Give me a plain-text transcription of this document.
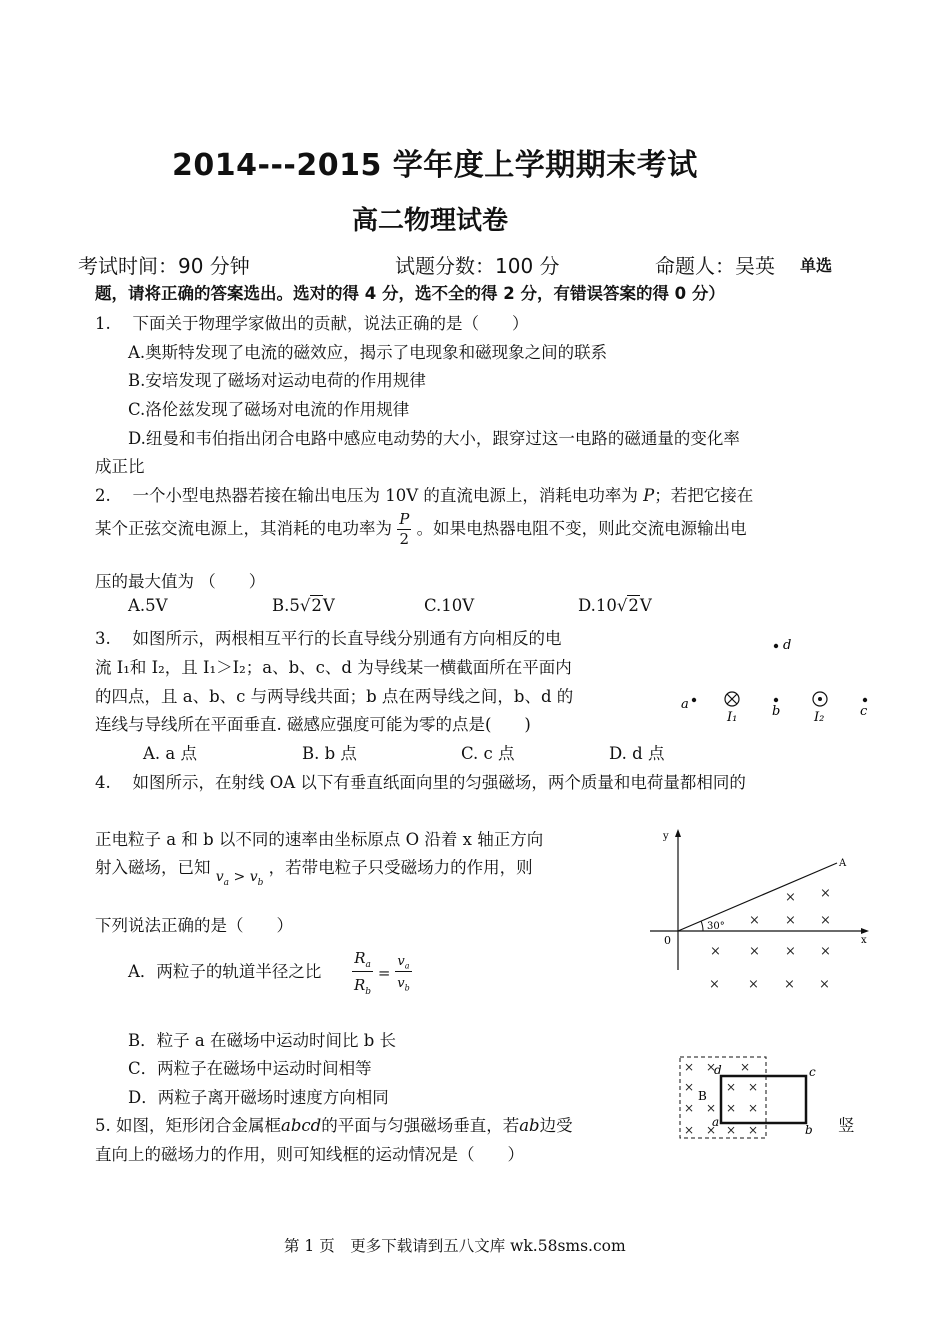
2014---2015 学年度上学期期末考试
高二物理试卷
考试时间：90 分钟	试题分数：100 分	命题人：吴英 单选
题，请将正确的答案选出。选对的得 4 分，选不全的得 2 分，有错误答案的得 0 分）
1.　 下面关于物理学家做出的贡献，说法正确的是（　　）
A.奥斯特发现了电流的磁效应，揭示了电现象和磁现象之间的联系
B.安培发现了磁场对运动电荷的作用规律
C.洛伦兹发现了磁场对电流的作用规律
D.纽曼和韦伯指出闭合电路中感应电动势的大小，跟穿过这一电路的磁通量的变化率
成正比
2.　 一个小型电热器若接在输出电压为 10V 的直流电源上，消耗电功率为 P；若把它接在
某个正弦交流电源上，其消耗的电功率为 $\frac{P}{2}$ 。如果电热器电阻不变，则此交流电源输出电
压的最大值为 （　　）
A.5V	B.5√2V	C.10V	D.10√2V
3.　 如图所示，两根相互平行的长直导线分别通有方向相反的电
流 I₁和 I₂，且 I₁＞I₂；a、b、c、d 为导线某一横截面所在平面内
的四点，且 a、b、c 与两导线共面；b 点在两导线之间，b、d 的
连线与导线所在平面垂直. 磁感应强度可能为零的点是(　　)
A. a 点	B. b 点	C. c 点	D. d 点
d
a
I₁	b	I₂	c
4.　 如图所示，在射线 OA 以下有垂直纸面向里的匀强磁场，两个质量和电荷量都相同的
正电粒子 a 和 b 以不同的速率由坐标原点 O 沿着 x 轴正方向
射入磁场，已知 $_{v_a > v_b}$ ，若带电粒子只受磁场力的作用，则
下列说法正确的是（　　）
A．两粒子的轨道半径之比 $\frac{R_a}{R_b} = \frac{v_a}{v_b}$
B．粒子 a 在磁场中运动时间比 b 长
C．两粒子在磁场中运动时间相等
D．两粒子离开磁场时速度方向相同
y
x
0
A
30°
× ×
× × ×
× × × ×
× × × ×
5. 如图，矩形闭合金属框abcd的平面与匀强磁场垂直，若ab边受	竖
直向上的磁场力的作用，则可知线框的运动情况是（　　）
× × ×
×	× ×
× × × ×
× × × ×
B
d	c
a
b
第 1 页　更多下载请到五八文库 wk.58sms.com
